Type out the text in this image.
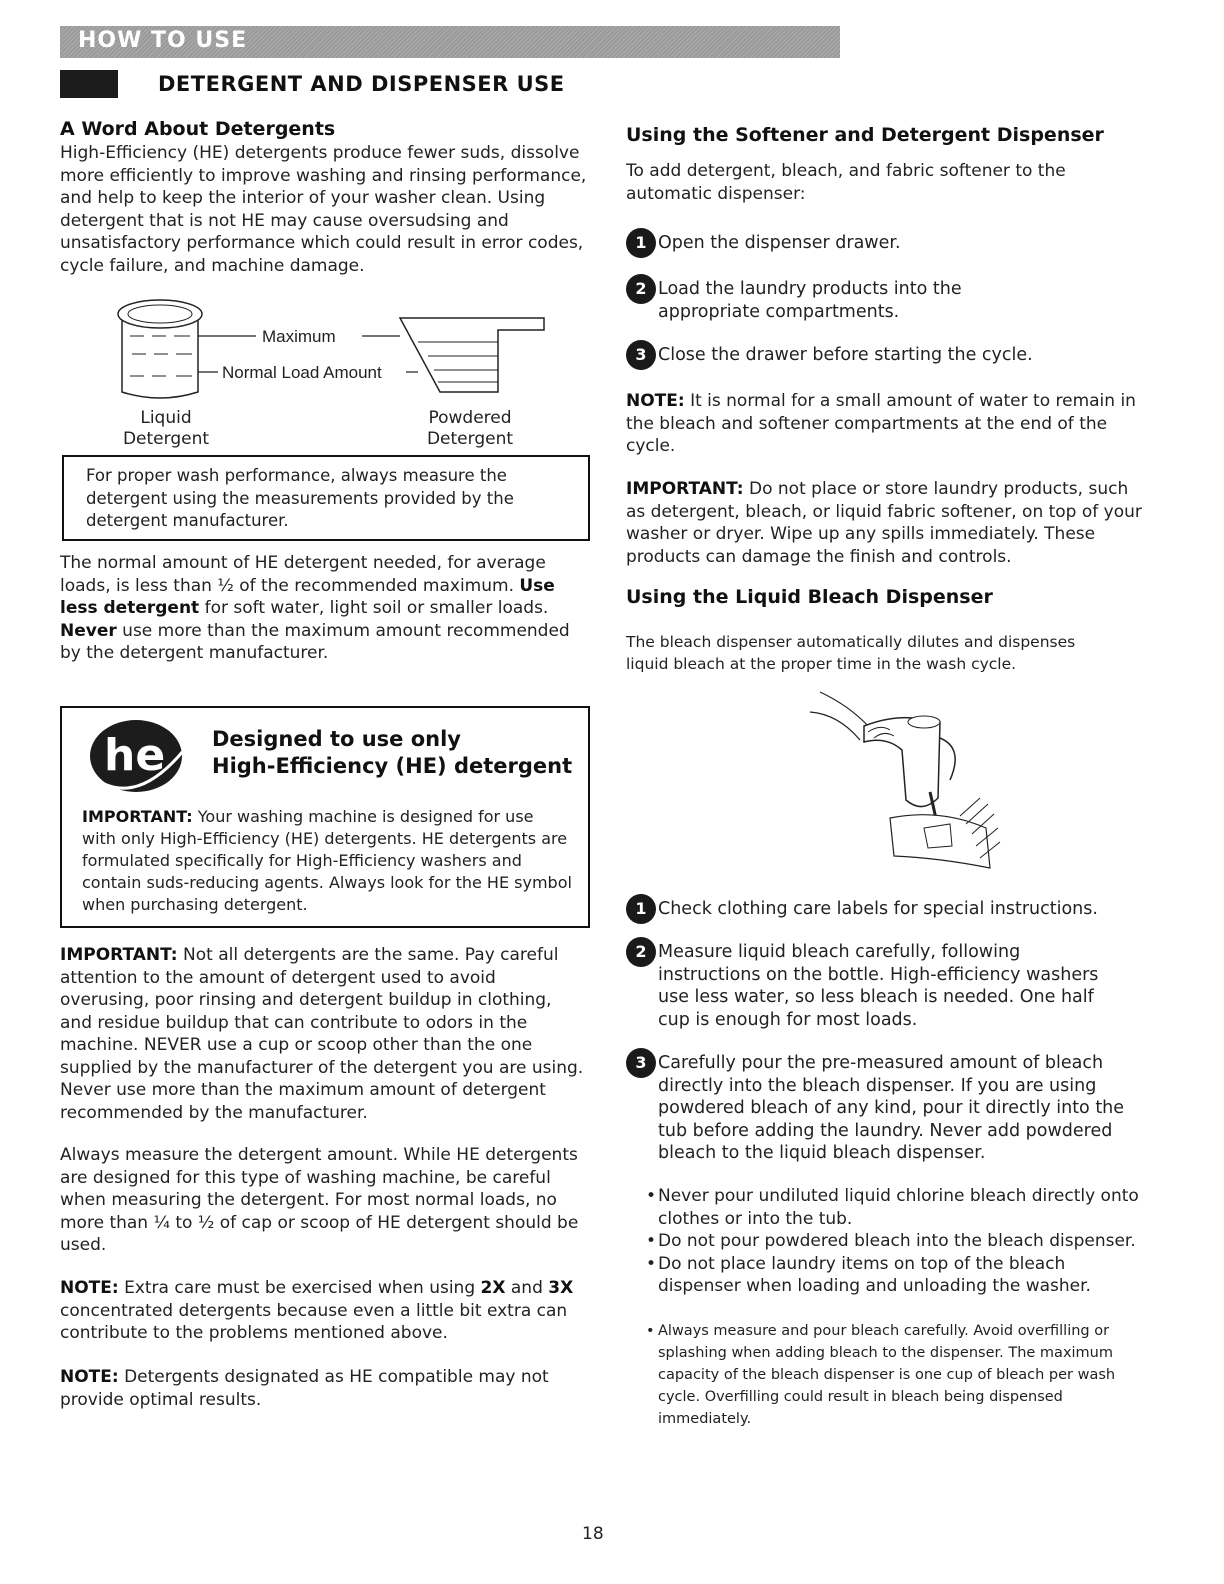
HOW TO USE
DETERGENT AND DISPENSER USE
A Word About Detergents

High-Efficiency (HE) detergents produce fewer suds, dissolve more efficiently to improve washing and rinsing performance, and help to keep the interior of your washer clean. Using detergent that is not HE may cause oversudsing and unsatisfactory performance which could result in error codes, cycle failure, and machine damage.

Maximum
Normal Load Amount
Liquid
Detergent
Powdered
Detergent

For proper wash performance, always measure the detergent using the measurements provided by the detergent manufacturer.

The normal amount of HE detergent needed, for average loads, is less than ½ of the recommended maximum. Use less detergent for soft water, light soil or smaller loads. Never use more than the maximum amount recommended by the detergent manufacturer.

he Designed to use only
High-Efficiency (HE) detergent

IMPORTANT: Your washing machine is designed for use with only High-Efficiency (HE) detergents. HE detergents are formulated specifically for High-Efficiency washers and contain suds-reducing agents. Always look for the HE symbol when purchasing detergent.

IMPORTANT: Not all detergents are the same. Pay careful attention to the amount of detergent used to avoid overusing, poor rinsing and detergent buildup in clothing, and residue buildup that can contribute to odors in the machine. NEVER use a cup or scoop other than the one supplied by the manufacturer of the detergent you are using. Never use more than the maximum amount of detergent recommended by the manufacturer.

Always measure the detergent amount. While HE detergents are designed for this type of washing machine, be careful when measuring the detergent. For most normal loads, no more than ¼ to ½ of cap or scoop of HE detergent should be used.

NOTE: Extra care must be exercised when using 2X and 3X concentrated detergents because even a little bit extra can contribute to the problems mentioned above.

NOTE: Detergents designated as HE compatible may not provide optimal results.

Using the Softener and Detergent Dispenser

To add detergent, bleach, and fabric softener to the automatic dispenser:

1 Open the dispenser drawer.
2 Load the laundry products into the appropriate compartments.
3 Close the drawer before starting the cycle.

NOTE: It is normal for a small amount of water to remain in the bleach and softener compartments at the end of the cycle.

IMPORTANT: Do not place or store laundry products, such as detergent, bleach, or liquid fabric softener, on top of your washer or dryer. Wipe up any spills immediately. These products can damage the finish and controls.

Using the Liquid Bleach Dispenser

The bleach dispenser automatically dilutes and dispenses liquid bleach at the proper time in the wash cycle.

1 Check clothing care labels for special instructions.
2 Measure liquid bleach carefully, following instructions on the bottle. High-efficiency washers use less water, so less bleach is needed. One half cup is enough for most loads.
3 Carefully pour the pre-measured amount of bleach directly into the bleach dispenser. If you are using powdered bleach of any kind, pour it directly into the tub before adding the laundry. Never add powdered bleach to the liquid bleach dispenser.
• Never pour undiluted liquid chlorine bleach directly onto clothes or into the tub.
• Do not pour powdered bleach into the bleach dispenser.
• Do not place laundry items on top of the bleach dispenser when loading and unloading the washer.
• Always measure and pour bleach carefully. Avoid overfilling or splashing when adding bleach to the dispenser. The maximum capacity of the bleach dispenser is one cup of bleach per wash cycle. Overfilling could result in bleach being dispensed immediately.
18
